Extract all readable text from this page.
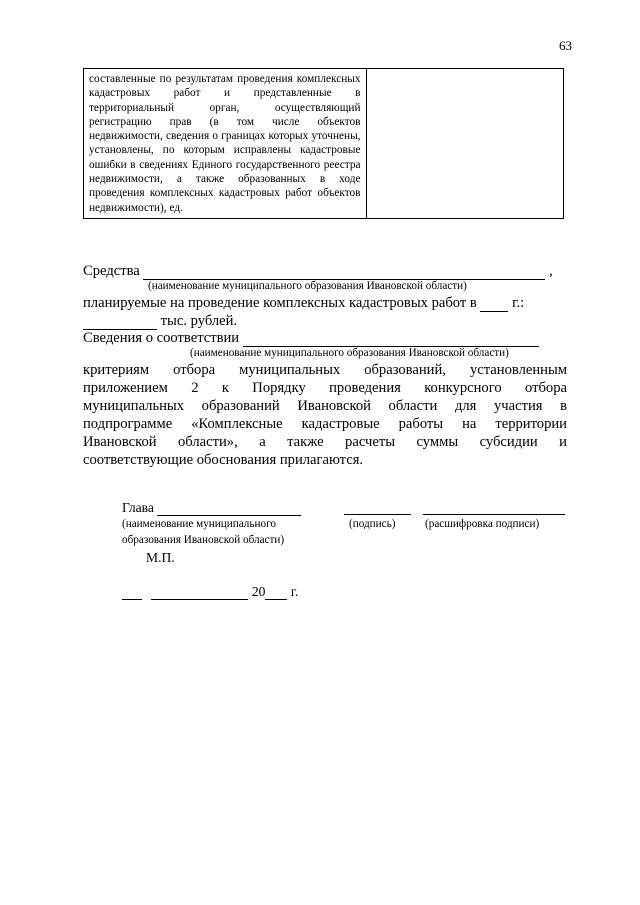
63
составленные по результатам проведения комплексных кадастровых работ и представленные в территориальный орган, осуществляющий регистрацию прав (в том числе объектов недвижимости, сведения о границах которых уточнены, установлены, по которым исправлены кадастровые ошибки в сведениях Единого государственного реестра недвижимости, а также образованных в ходе проведения комплексных кадастровых работ объектов недвижимости), ед.	
Средства	,
(наименование муниципального образования Ивановской области)
планируемые на проведение комплексных кадастровых работ в г.:
тыс. рублей.
Сведения о соответствии
(наименование муниципального образования Ивановской области)
критериям отбора муниципальных образований, установленным
приложением 2 к Порядку проведения конкурсного отбора
муниципальных образований Ивановской области для участия в
подпрограмме «Комплексные кадастровые работы на территории
Ивановской области», а также расчеты суммы субсидии и
соответствующие обоснования прилагаются.
Глава
(наименование муниципального	(подпись)	(расшифровка подписи)
образования Ивановской области)
М.П.
20 г.
